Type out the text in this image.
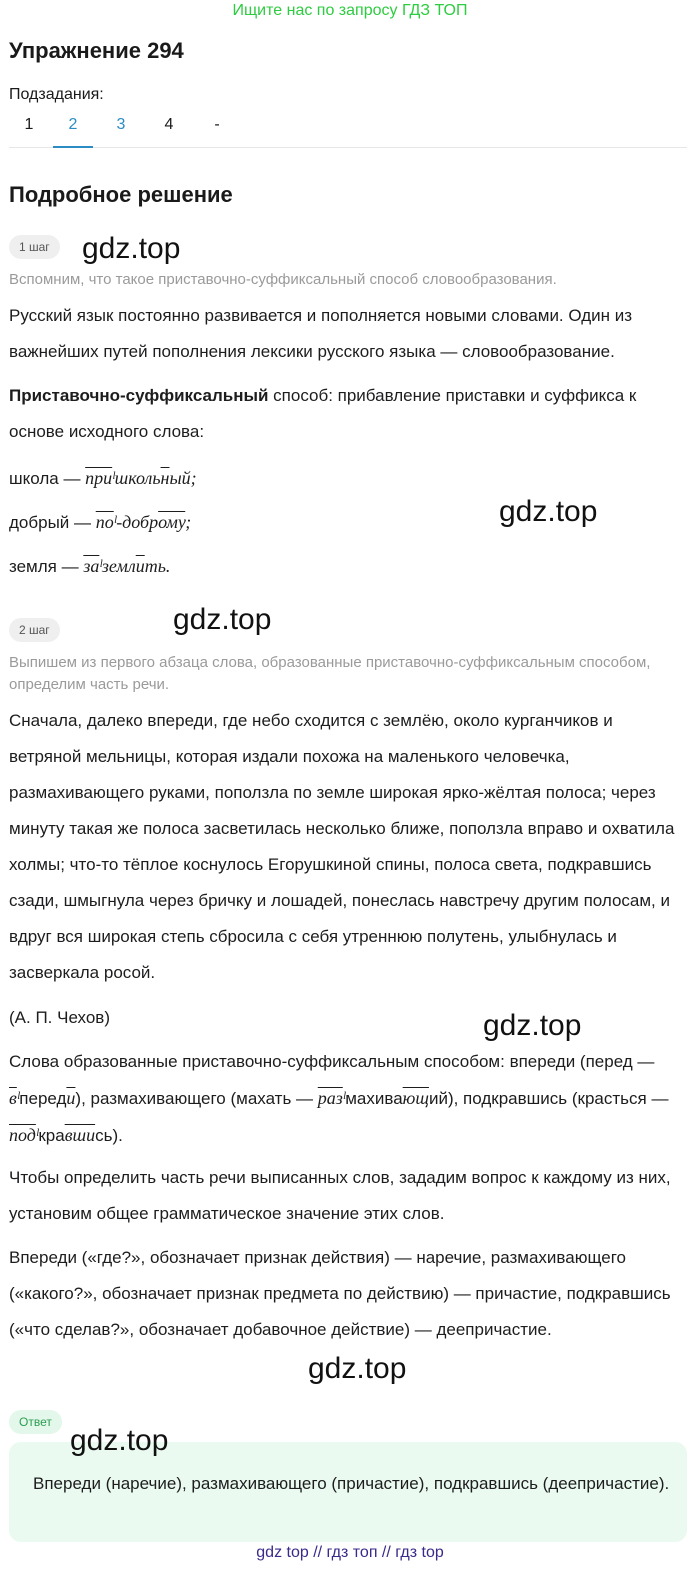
Ищите нас по запросу ГДЗ ТОП
Упражнение 294
Подзадания:
1	2	3	4	-
Подробное решение
1 шаг	gdz.top
Вспомним, что такое приставочно-суффиксальный способ словообразования.
Русский язык постоянно развивается и пополняется новыми словами. Один из важнейших путей пополнения лексики русского языка — словообразование.
Приставочно-суффиксальный способ: прибавление приставки и суффикса к основе исходного слова:
школа — приˡшкольный;
добрый — поˡ-доброму;	gdz.top
земля — заˡземлить.
2 шаг	gdz.top
Выпишем из первого абзаца слова, образованные приставочно-суффиксальным способом, определим часть речи.
Сначала, далеко впереди, где небо сходится с землёю, около курганчиков и ветряной мельницы, которая издали похожа на маленького человечка, размахивающего руками, поползла по земле широкая ярко-жёлтая полоса; через минуту такая же полоса засветилась несколько ближе, поползла вправо и охватила холмы; что-то тёплое коснулось Егорушкиной спины, полоса света, подкравшись сзади, шмыгнула через бричку и лошадей, понеслась навстречу другим полосам, и вдруг вся широкая степь сбросила с себя утреннюю полутень, улыбнулась и засверкала росой.
(А. П. Чехов)	gdz.top
Слова образованные приставочно-суффиксальным способом: впереди (перед — вˡпереди), размахивающего (махать — разˡмахивающий), подкравшись (красться — подˡкравшись).
Чтобы определить часть речи выписанных слов, зададим вопрос к каждому из них, установим общее грамматическое значение этих слов.
Впереди («где?», обозначает признак действия) — наречие, размахивающего («какого?», обозначает признак предмета по действию) — причастие, подкравшись («что сделав?», обозначает добавочное действие) — деепричастие.
gdz.top
Ответ
gdz.top
Впереди (наречие), размахивающего (причастие), подкравшись (деепричастие).
gdz top // гдз топ // гдз top
